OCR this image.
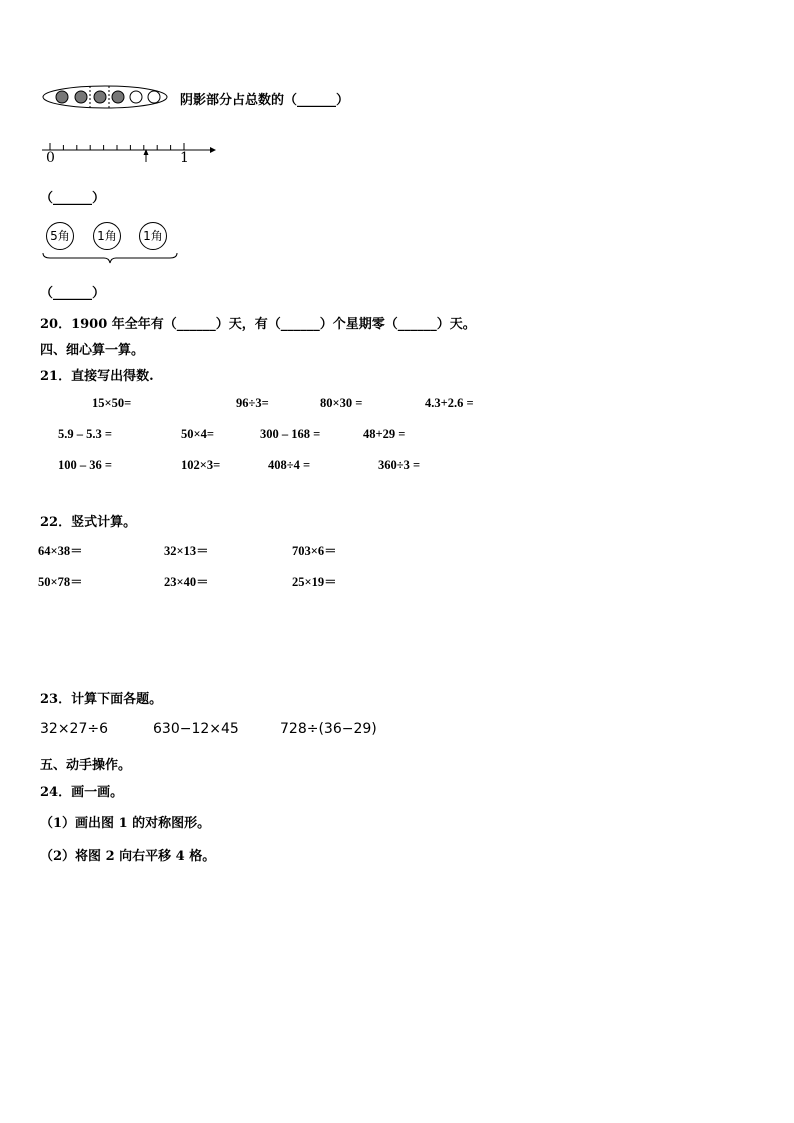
阴影部分占总数的（______）
0	1
（______）
5角	1角	1角
（______）
20．1900 年全年有（______）天，有（______）个星期零（______）天。
四、细心算一算。
21．直接写出得数.
15×50=	96÷3=	80×30 =	4.3+2.6 =
5.9 – 5.3 =	50×4=	300 – 168 =	48+29 =
100 – 36 =	102×3=	408÷4 =	360÷3 =
22．竖式计算。
64×38＝	32×13＝	703×6＝
50×78＝	23×40＝	25×19＝
23．计算下面各题。
32×27÷6	630−12×45	728÷(36−29)
五、动手操作。
24．画一画。
（1）画出图 1 的对称图形。
（2）将图 2 向右平移 4 格。
